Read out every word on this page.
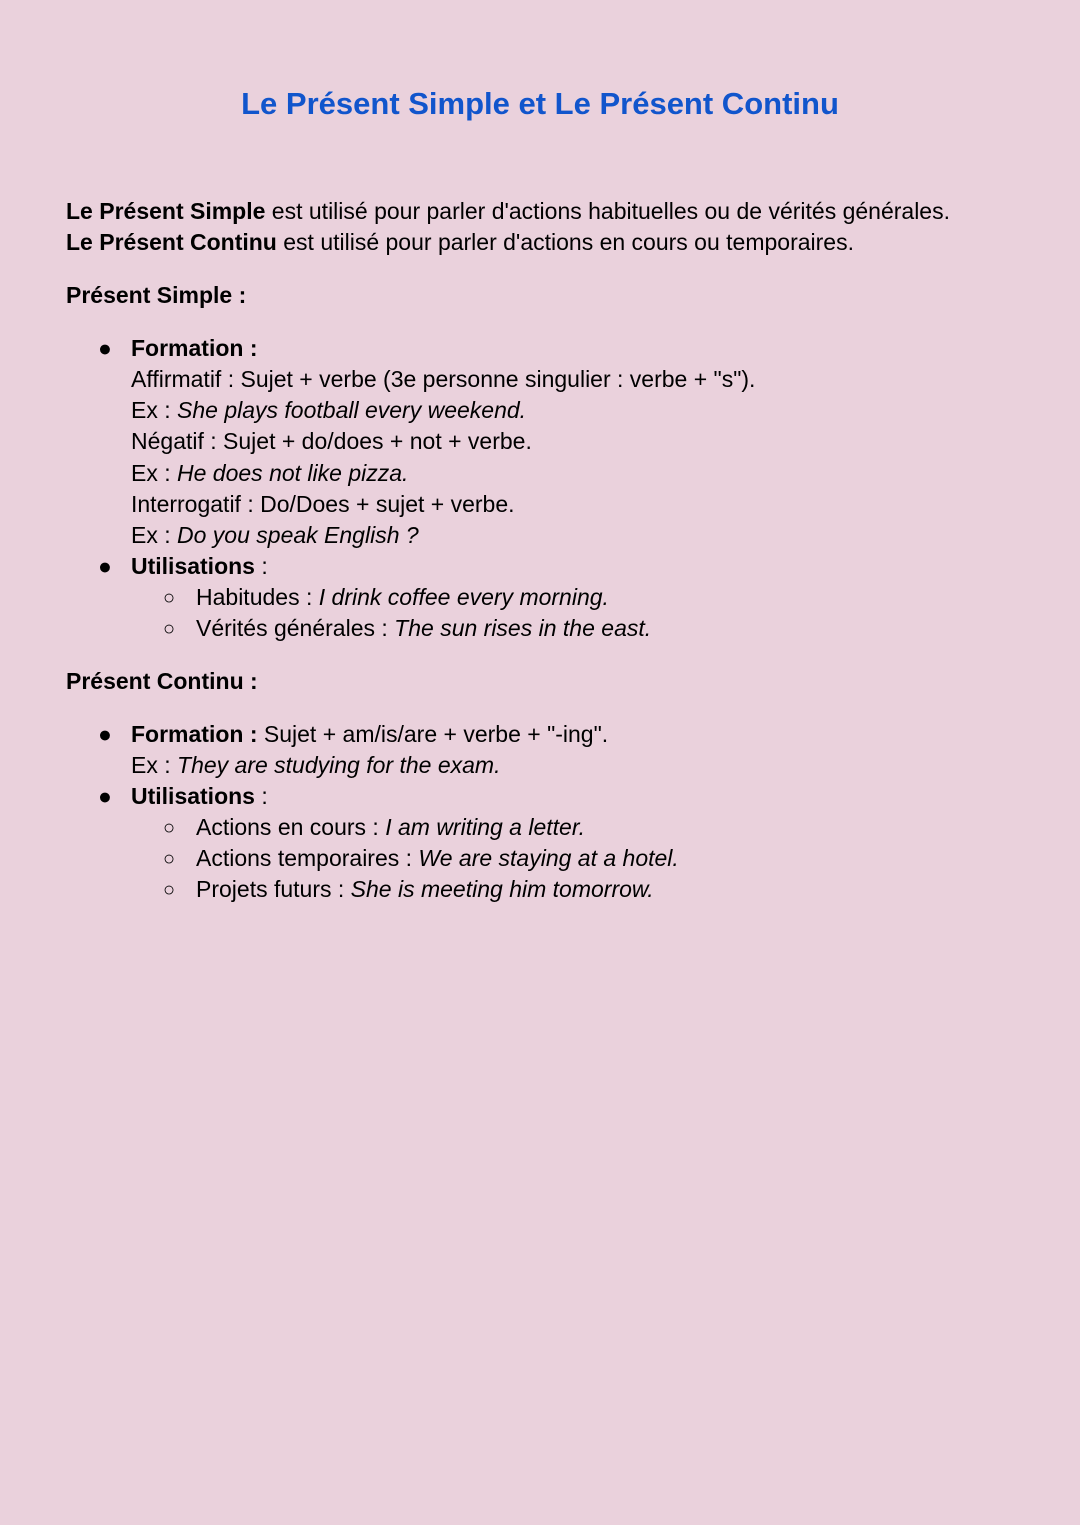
Le Présent Simple et Le Présent Continu
Le Présent Simple est utilisé pour parler d'actions habituelles ou de vérités générales.
Le Présent Continu est utilisé pour parler d'actions en cours ou temporaires.
Présent Simple :
● Formation :
Affirmatif : Sujet + verbe (3e personne singulier : verbe + "s").
Ex : She plays football every weekend.
Négatif : Sujet + do/does + not + verbe.
Ex : He does not like pizza.
Interrogatif : Do/Does + sujet + verbe.
Ex : Do you speak English ?
● Utilisations :
○ Habitudes : I drink coffee every morning.
○ Vérités générales : The sun rises in the east.
Présent Continu :
● Formation : Sujet + am/is/are + verbe + "-ing".
Ex : They are studying for the exam.
● Utilisations :
○ Actions en cours : I am writing a letter.
○ Actions temporaires : We are staying at a hotel.
○ Projets futurs : She is meeting him tomorrow.
